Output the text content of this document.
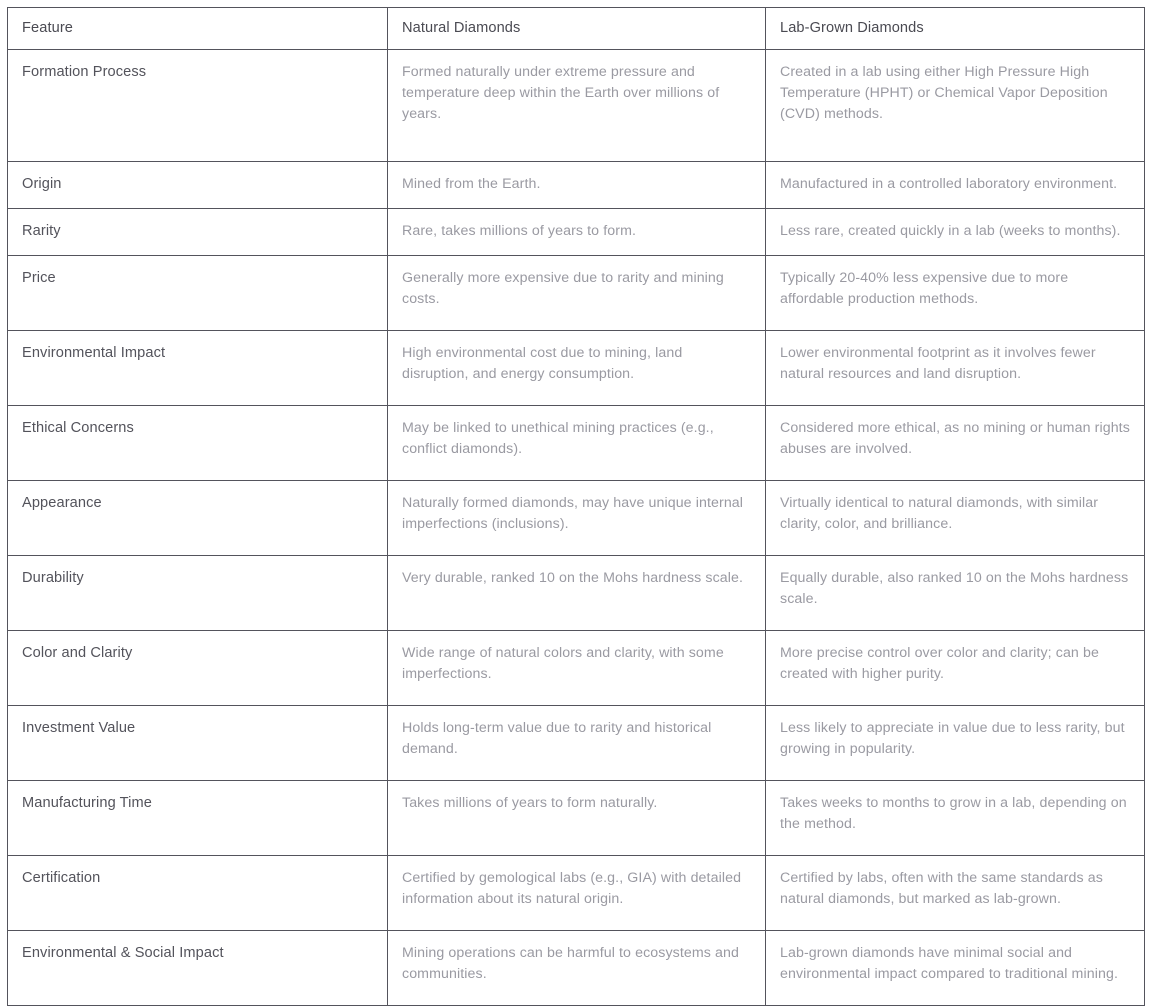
Feature	Natural Diamonds	Lab-Grown Diamonds
Formation Process	Formed naturally under extreme pressure and temperature deep within the Earth over millions of years.	Created in a lab using either High Pressure High Temperature (HPHT) or Chemical Vapor Deposition (CVD) methods.
Origin	Mined from the Earth.	Manufactured in a controlled laboratory environment.
Rarity	Rare, takes millions of years to form.	Less rare, created quickly in a lab (weeks to months).
Price	Generally more expensive due to rarity and mining costs.	Typically 20-40% less expensive due to more affordable production methods.
Environmental Impact	High environmental cost due to mining, land disruption, and energy consumption.	Lower environmental footprint as it involves fewer natural resources and land disruption.
Ethical Concerns	May be linked to unethical mining practices (e.g., conflict diamonds).	Considered more ethical, as no mining or human rights abuses are involved.
Appearance	Naturally formed diamonds, may have unique internal imperfections (inclusions).	Virtually identical to natural diamonds, with similar clarity, color, and brilliance.
Durability	Very durable, ranked 10 on the Mohs hardness scale.	Equally durable, also ranked 10 on the Mohs hardness scale.
Color and Clarity	Wide range of natural colors and clarity, with some imperfections.	More precise control over color and clarity; can be created with higher purity.
Investment Value	Holds long-term value due to rarity and historical demand.	Less likely to appreciate in value due to less rarity, but growing in popularity.
Manufacturing Time	Takes millions of years to form naturally.	Takes weeks to months to grow in a lab, depending on the method.
Certification	Certified by gemological labs (e.g., GIA) with detailed information about its natural origin.	Certified by labs, often with the same standards as natural diamonds, but marked as lab-grown.
Environmental & Social Impact	Mining operations can be harmful to ecosystems and communities.	Lab-grown diamonds have minimal social and environmental impact compared to traditional mining.
